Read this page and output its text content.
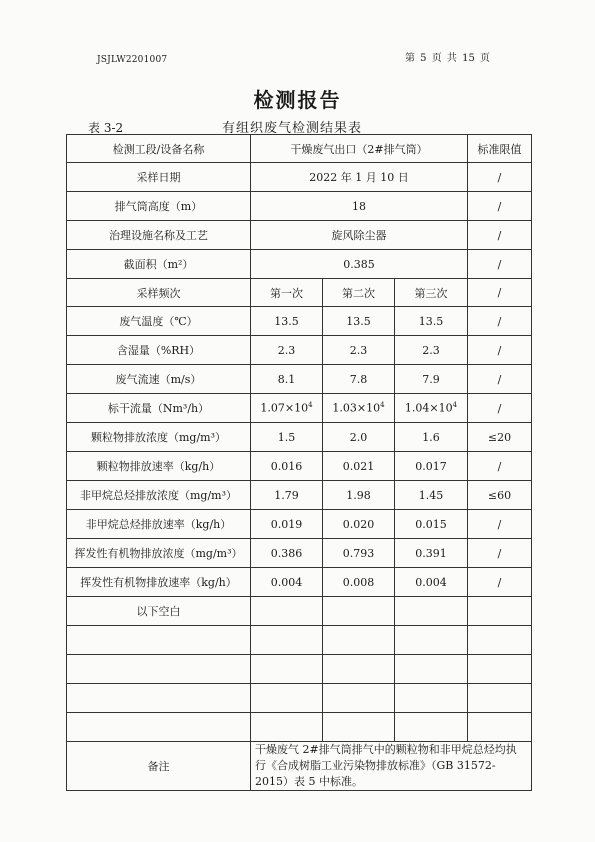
JSJLW2201007	第 5 页 共 15 页
检测报告
表 3-2	有组织废气检测结果表
检测工段/设备名称	干燥废气出口（2#排气筒）			标准限值
采样日期	2022 年 1 月 10 日			/
排气筒高度（m）	18			/
治理设施名称及工艺	旋风除尘器			/
截面积（m²）	0.385			/
采样频次	第一次	第二次	第三次	/
废气温度（℃）	13.5	13.5	13.5	/
含湿量（%RH）	2.3	2.3	2.3	/
废气流速（m/s）	8.1	7.8	7.9	/
标干流量（Nm³/h）	$1.07\times 10^4$	$1.03\times 10^4$	$1.04\times 10^4$	/
颗粒物排放浓度（mg/m³）	1.5	2.0	1.6	≤20
颗粒物排放速率（kg/h）	0.016	0.021	0.017	/
非甲烷总烃排放浓度（mg/m³）	1.79	1.98	1.45	≤60
非甲烷总烃排放速率（kg/h）	0.019	0.020	0.015	/
挥发性有机物排放浓度（mg/m³）	0.386	0.793	0.391	/
挥发性有机物排放速率（kg/h）	0.004	0.008	0.004	/
以下空白				

备注	干燥废气 2#排气筒排气中的颗粒物和非甲烷总烃均执行《合成树脂工业污染物排放标准》（GB 31572-2015）表 5 中标准。			
